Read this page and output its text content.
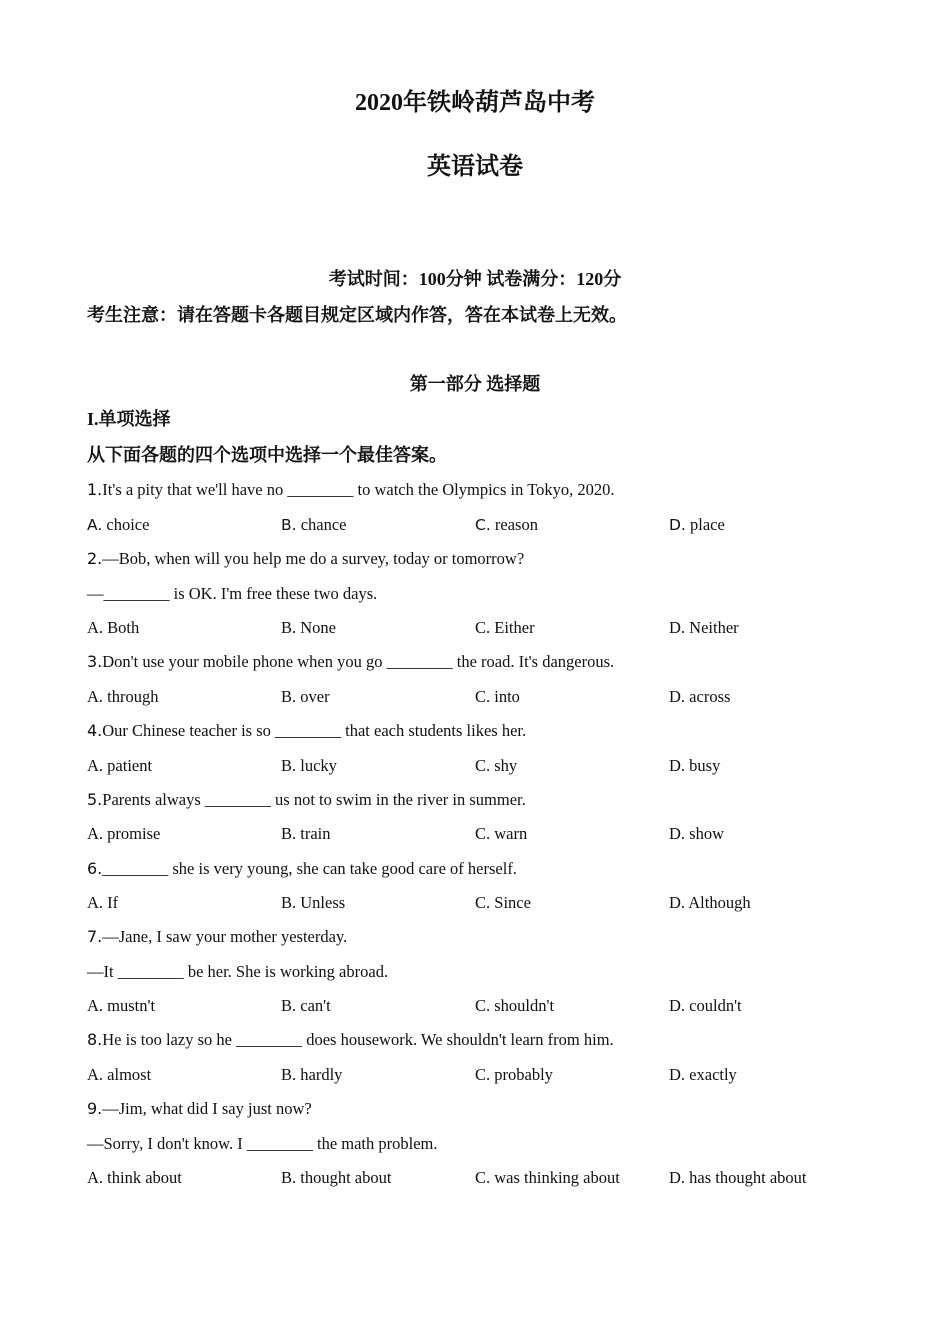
2020年铁岭葫芦岛中考
英语试卷
考试时间：100分钟 试卷满分：120分
考生注意：请在答题卡各题目规定区域内作答，答在本试卷上无效。
第一部分 选择题
I.单项选择
从下面各题的四个选项中选择一个最佳答案。
1.It's a pity that we'll have no ________ to watch the Olympics in Tokyo, 2020.
A. choice	B. chance	C. reason	D. place
2.—Bob, when will you help me do a survey, today or tomorrow?
—________ is OK. I'm free these two days.
A. Both	B. None	C. Either	D. Neither
3.Don't use your mobile phone when you go ________ the road. It's dangerous.
A. through	B. over	C. into	D. across
4.Our Chinese teacher is so ________ that each students likes her.
A. patient	B. lucky	C. shy	D. busy
5.Parents always ________ us not to swim in the river in summer.
A. promise	B. train	C. warn	D. show
6.________ she is very young, she can take good care of herself.
A. If	B. Unless	C. Since	D. Although
7.—Jane, I saw your mother yesterday.
—It ________ be her. She is working abroad.
A. mustn't	B. can't	C. shouldn't	D. couldn't
8.He is too lazy so he ________ does housework. We shouldn't learn from him.
A. almost	B. hardly	C. probably	D. exactly
9.—Jim, what did I say just now?
—Sorry, I don't know. I ________ the math problem.
A. think about	B. thought about	C. was thinking about	D. has thought about
